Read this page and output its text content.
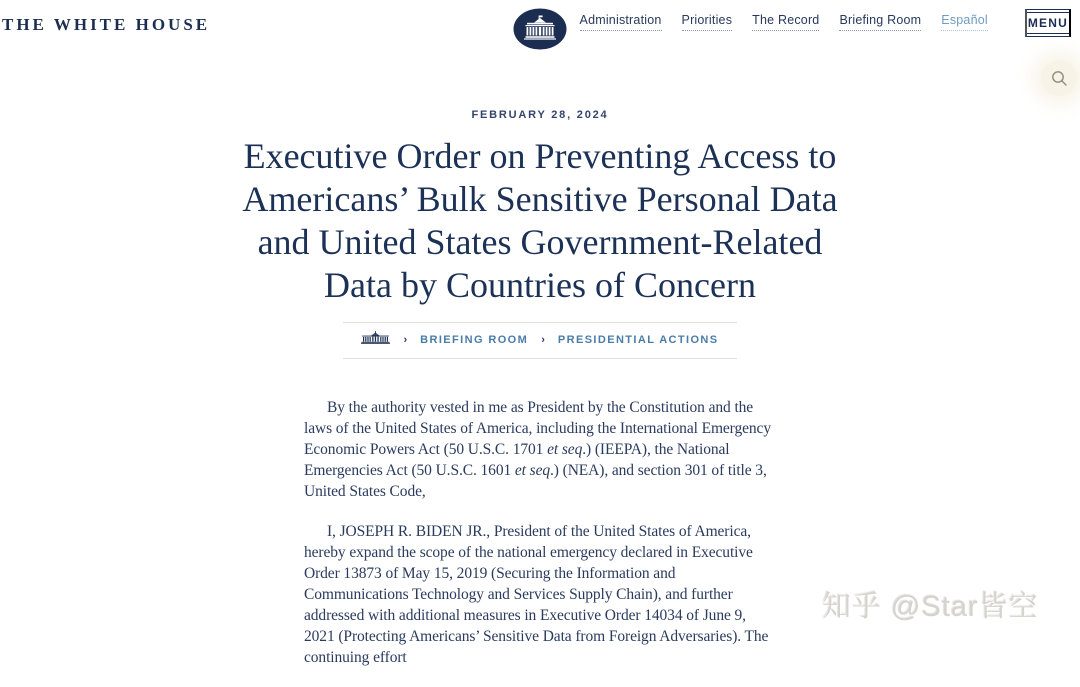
THE WHITE HOUSE	Administration Priorities The Record Briefing Room Español	MENU
FEBRUARY 28, 2024
Executive Order on Preventing Access to Americans’ Bulk Sensitive Personal Data and United States Government-Related Data by Countries of Concern
› BRIEFING ROOM › PRESIDENTIAL ACTIONS

By the authority vested in me as President by the Constitution and the laws of the United States of America, including the International Emergency Economic Powers Act (50 U.S.C. 1701 et seq.) (IEEPA), the National Emergencies Act (50 U.S.C. 1601 et seq.) (NEA), and section 301 of title 3, United States Code,

I, JOSEPH R. BIDEN JR., President of the United States of America, hereby expand the scope of the national emergency declared in Executive Order 13873 of May 15, 2019 (Securing the Information and Communications Technology and Services Supply Chain), and further addressed with additional measures in Executive Order 14034 of June 9, 2021 (Protecting Americans’ Sensitive Data from Foreign Adversaries). The continuing effort

知乎 @Star皆空
